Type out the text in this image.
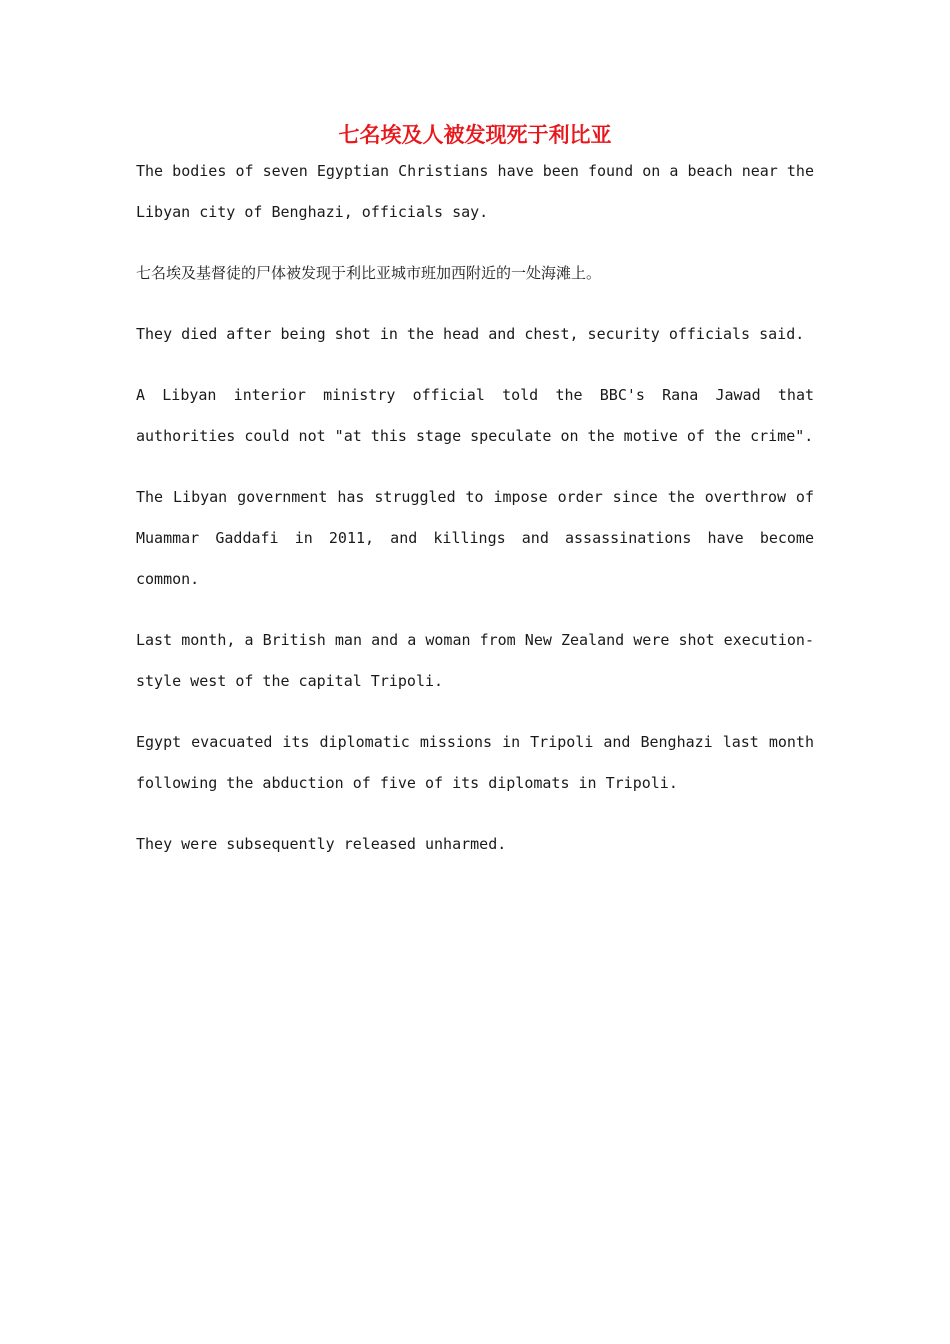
七名埃及人被发现死于利比亚

The bodies of seven Egyptian Christians have been found on a beach near the Libyan city of Benghazi, officials say.

七名埃及基督徒的尸体被发现于利比亚城市班加西附近的一处海滩上。

They died after being shot in the head and chest, security officials said.

A Libyan interior ministry official told the BBC's Rana Jawad that authorities could not "at this stage speculate on the motive of the crime".

The Libyan government has struggled to impose order since the overthrow of Muammar Gaddafi in 2011, and killings and assassinations have become common.

Last month, a British man and a woman from New Zealand were shot execution-style west of the capital Tripoli.

Egypt evacuated its diplomatic missions in Tripoli and Benghazi last month following the abduction of five of its diplomats in Tripoli.

They were subsequently released unharmed.
